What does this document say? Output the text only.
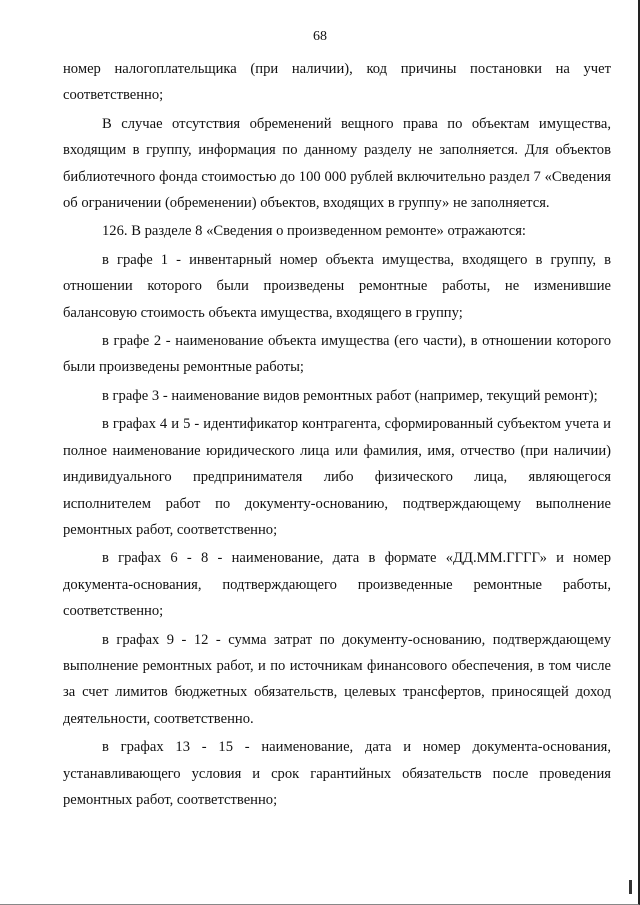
68

номер налогоплательщика (при наличии), код причины постановки на учет соответственно;

В случае отсутствия обременений вещного права по объектам имущества, входящим в группу, информация по данному разделу не заполняется. Для объектов библиотечного фонда стоимостью до 100 000 рублей включительно раздел 7 «Сведения об ограничении (обременении) объектов, входящих в группу» не заполняется.

126. В разделе 8 «Сведения о произведенном ремонте» отражаются:

в графе 1 - инвентарный номер объекта имущества, входящего в группу, в отношении которого были произведены ремонтные работы, не изменившие балансовую стоимость объекта имущества, входящего в группу;

в графе 2 - наименование объекта имущества (его части), в отношении которого были произведены ремонтные работы;

в графе 3 - наименование видов ремонтных работ (например, текущий ремонт);

в графах 4 и 5 - идентификатор контрагента, сформированный субъектом учета и полное наименование юридического лица или фамилия, имя, отчество (при наличии) индивидуального предпринимателя либо физического лица, являющегося исполнителем работ по документу-основанию, подтверждающему выполнение ремонтных работ, соответственно;

в графах 6 - 8 - наименование, дата в формате «ДД.ММ.ГГГГ» и номер документа-основания, подтверждающего произведенные ремонтные работы, соответственно;

в графах 9 - 12 - сумма затрат по документу-основанию, подтверждающему выполнение ремонтных работ, и по источникам финансового обеспечения, в том числе за счет лимитов бюджетных обязательств, целевых трансфертов, приносящей доход деятельности, соответственно.

в графах 13 - 15 - наименование, дата и номер документа-основания, устанавливающего условия и срок гарантийных обязательств после проведения ремонтных работ, соответственно;
